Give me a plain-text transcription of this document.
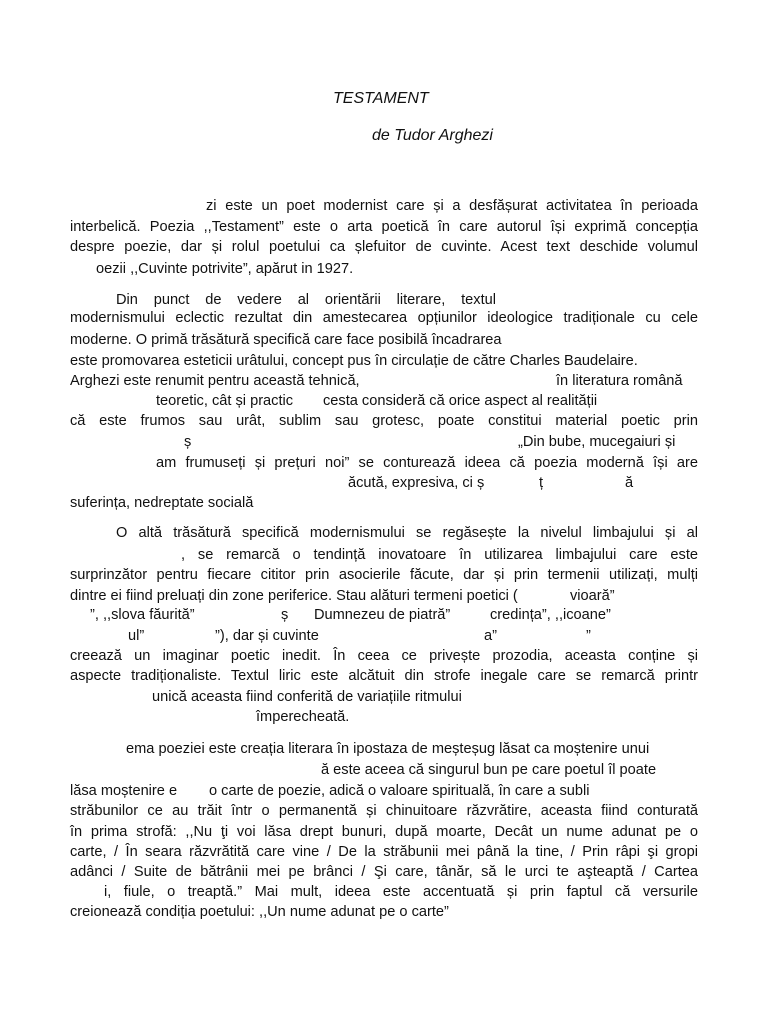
TESTAMENT
de Tudor Arghezi
zi este un poet modernist care și a desfășurat activitatea în perioada
interbelică. Poezia ,,Testament” este o arta poetică în care autorul își exprimă concepția
despre poezie, dar și rolul poetului ca șlefuitor de cuvinte. Acest text deschide volumul
oezii ,,Cuvinte potrivite”, apărut in 1927.
Din punct de vedere al orientării literare, textul
modernismului eclectic rezultat din amestecarea opțiunilor ideologice tradiționale cu cele
moderne. O primă trăsătură specifică care face posibilă încadrarea
este promovarea esteticii urâtului, concept pus în circulație de către Charles Baudelaire.
Arghezi este renumit pentru această tehnică,	în literatura română
teoretic, cât și practic cesta consideră că orice aspect al realității
că este frumos sau urât, sublim sau grotesc, poate constitui material poetic prin
ș	„Din bube, mucegaiuri și
am frumuseți și prețuri noi” se conturează ideea că poezia modernă își are
ăcută, expresiva, ci ș	ț	ă
suferința, nedreptate socială
O altă trăsătură specifică modernismului se regăsește la nivelul limbajului și al
, se remarcă o tendință inovatoare în utilizarea limbajului care este
surprinzător pentru fiecare cititor prin asocierile făcute, dar și prin termenii utilizați, mulți
dintre ei fiind preluați din zone periferice. Stau alături termeni poetici (	vioară”
”, ,,slova făurită”	ș Dumnezeu de piatră”	credința”, ,,icoane”
ul”	”), dar și cuvinte	a”	”
creează un imaginar poetic inedit. În ceea ce privește prozodia, aceasta conține și
aspecte tradiționaliste. Textul liric este alcătuit din strofe inegale care se remarcă printr
unică aceasta fiind conferită de variațiile ritmului
împerecheată.
ema poeziei este creația literara în ipostaza de meșteșug lăsat ca moștenire unui
ă este aceea că singurul bun pe care poetul îl poate
lăsa moștenire e	o carte de poezie, adică o valoare spirituală, în care a subli
străbunilor ce au trăit într o permanentă și chinuitoare răzvrătire, aceasta fiind conturată
în prima strofă: ,,Nu ţi voi lăsa drept bunuri, după moarte, Decât un nume adunat pe o
carte, / În seara răzvrătită care vine / De la străbunii mei până la tine, / Prin râpi şi gropi
adânci / Suite de bătrânii mei pe brânci / Şi care, tânăr, să le urci te aşteaptă / Cartea
i, fiule, o treaptă.” Mai mult, ideea este accentuată și prin faptul că versurile
creionează condiția poetului: ,,Un nume adunat pe o carte”
